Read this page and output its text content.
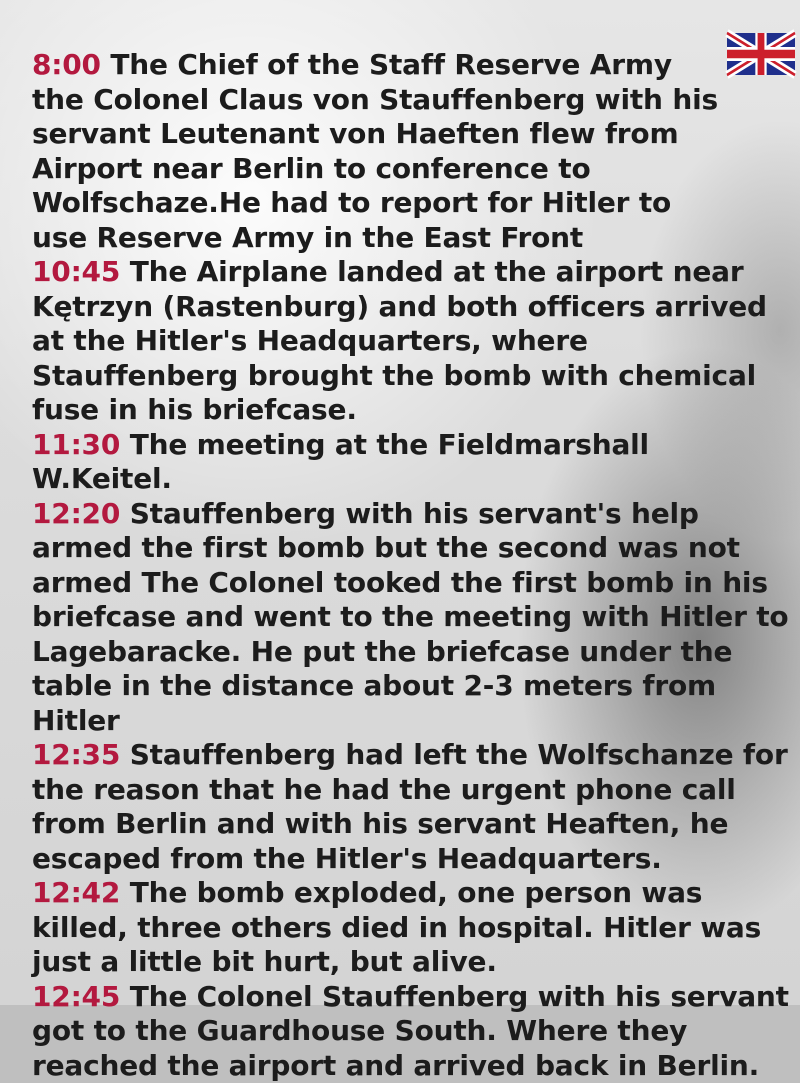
8:00 The Chief of the Staff Reserve Army the Colonel Claus von Stauffenberg with his servant Leutenant von Haeften flew from Airport near Berlin to conference to Wolfschaze.He had to report for Hitler to use Reserve Army in the East Front

10:45 The Airplane landed at the airport near Kętrzyn (Rastenburg) and both officers arrived at the Hitler's Headquarters, where Stauffenberg brought the bomb with chemical fuse in his briefcase.

11:30 The meeting at the Fieldmarshall W.Keitel.

12:20 Stauffenberg with his servant's help armed the first bomb but the second was not armed The Colonel tooked the first bomb in his briefcase and went to the meeting with Hitler to Lagebaracke. He put the briefcase under the table in the distance about 2-3 meters from Hitler

12:35 Stauffenberg had left the Wolfschanze for the reason that he had the urgent phone call from Berlin and with his servant Heaften, he escaped from the Hitler's Headquarters.

12:42 The bomb exploded, one person was killed, three others died in hospital. Hitler was just a little bit hurt, but alive.

12:45 The Colonel Stauffenberg with his servant got to the Guardhouse South. Where they reached the airport and arrived back in Berlin.
